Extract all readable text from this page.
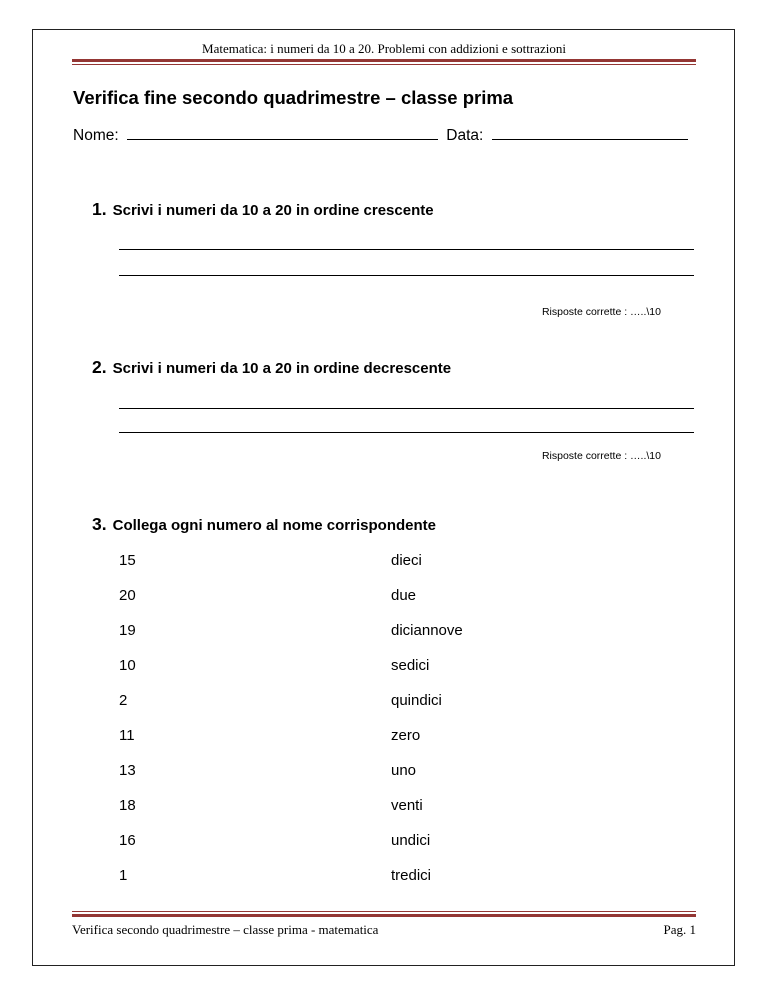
Matematica: i numeri da 10 a 20. Problemi con addizioni e sottrazioni
Verifica fine secondo quadrimestre – classe prima
Nome:	Data:
1. Scrivi i numeri da 10 a 20 in ordine crescente
Risposte corrette : …..\10
2. Scrivi i numeri da 10 a 20 in ordine decrescente
Risposte corrette : …..\10
3. Collega ogni numero al nome corrispondente
15
20
19
10
2
11
13
18
16
1
dieci
due
diciannove
sedici
quindici
zero
uno
venti
undici
tredici
Verifica secondo quadrimestre – classe prima - matematica	Pag. 1
